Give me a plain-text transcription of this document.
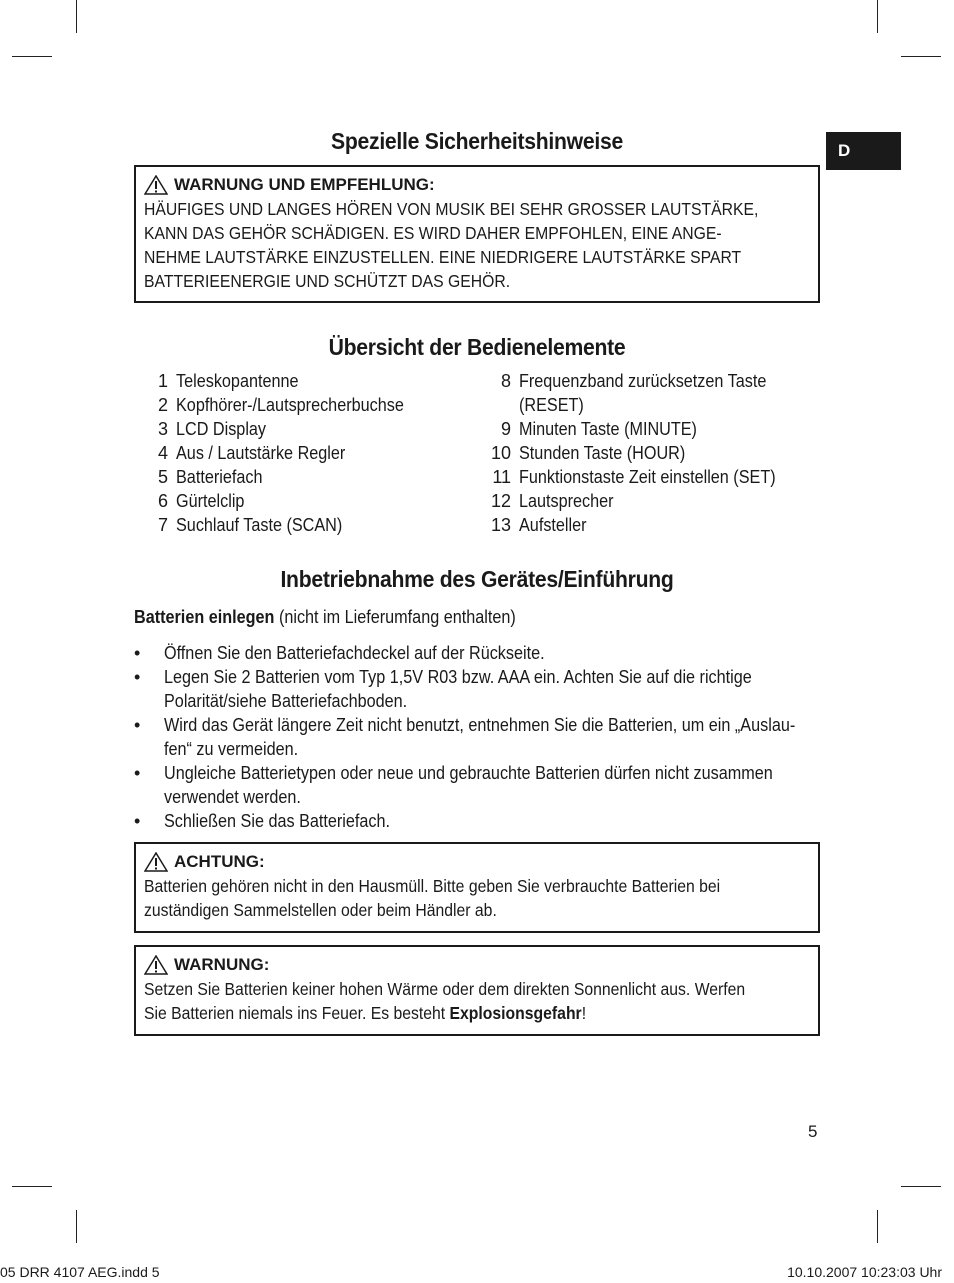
D
Spezielle Sicherheitshinweise
WARNUNG UND EMPFEHLUNG:
HÄUFIGES UND LANGES HÖREN VON MUSIK BEI SEHR GROSSER LAUTSTÄRKE,
KANN DAS GEHÖR SCHÄDIGEN. ES WIRD DAHER EMPFOHLEN, EINE ANGE-
NEHME LAUTSTÄRKE EINZUSTELLEN. EINE NIEDRIGERE LAUTSTÄRKE SPART
BATTERIEENERGIE UND SCHÜTZT DAS GEHÖR.
Übersicht der Bedienelemente
1 Teleskopantenne
2 Kopfhörer-/Lautsprecherbuchse
3 LCD Display
4 Aus / Lautstärke Regler
5 Batteriefach
6 Gürtelclip
7 Suchlauf Taste (SCAN)
8 Frequenzband zurücksetzen Taste
(RESET)
9 Minuten Taste (MINUTE)
10 Stunden Taste (HOUR)
11 Funktionstaste Zeit einstellen (SET)
12 Lautsprecher
13 Aufsteller
Inbetriebnahme des Gerätes/Einführung
Batterien einlegen (nicht im Lieferumfang enthalten)
• Öffnen Sie den Batteriefachdeckel auf der Rückseite.
• Legen Sie 2 Batterien vom Typ 1,5V R03 bzw. AAA ein. Achten Sie auf die richtige
Polarität/siehe Batteriefachboden.
• Wird das Gerät längere Zeit nicht benutzt, entnehmen Sie die Batterien, um ein „Auslau-
fen“ zu vermeiden.
• Ungleiche Batterietypen oder neue und gebrauchte Batterien dürfen nicht zusammen
verwendet werden.
• Schließen Sie das Batteriefach.
ACHTUNG:
Batterien gehören nicht in den Hausmüll. Bitte geben Sie verbrauchte Batterien bei
zuständigen Sammelstellen oder beim Händler ab.
WARNUNG:
Setzen Sie Batterien keiner hohen Wärme oder dem direkten Sonnenlicht aus. Werfen
Sie Batterien niemals ins Feuer. Es besteht Explosionsgefahr!
5
05 DRR 4107 AEG.indd 5	10.10.2007 10:23:03 Uhr
